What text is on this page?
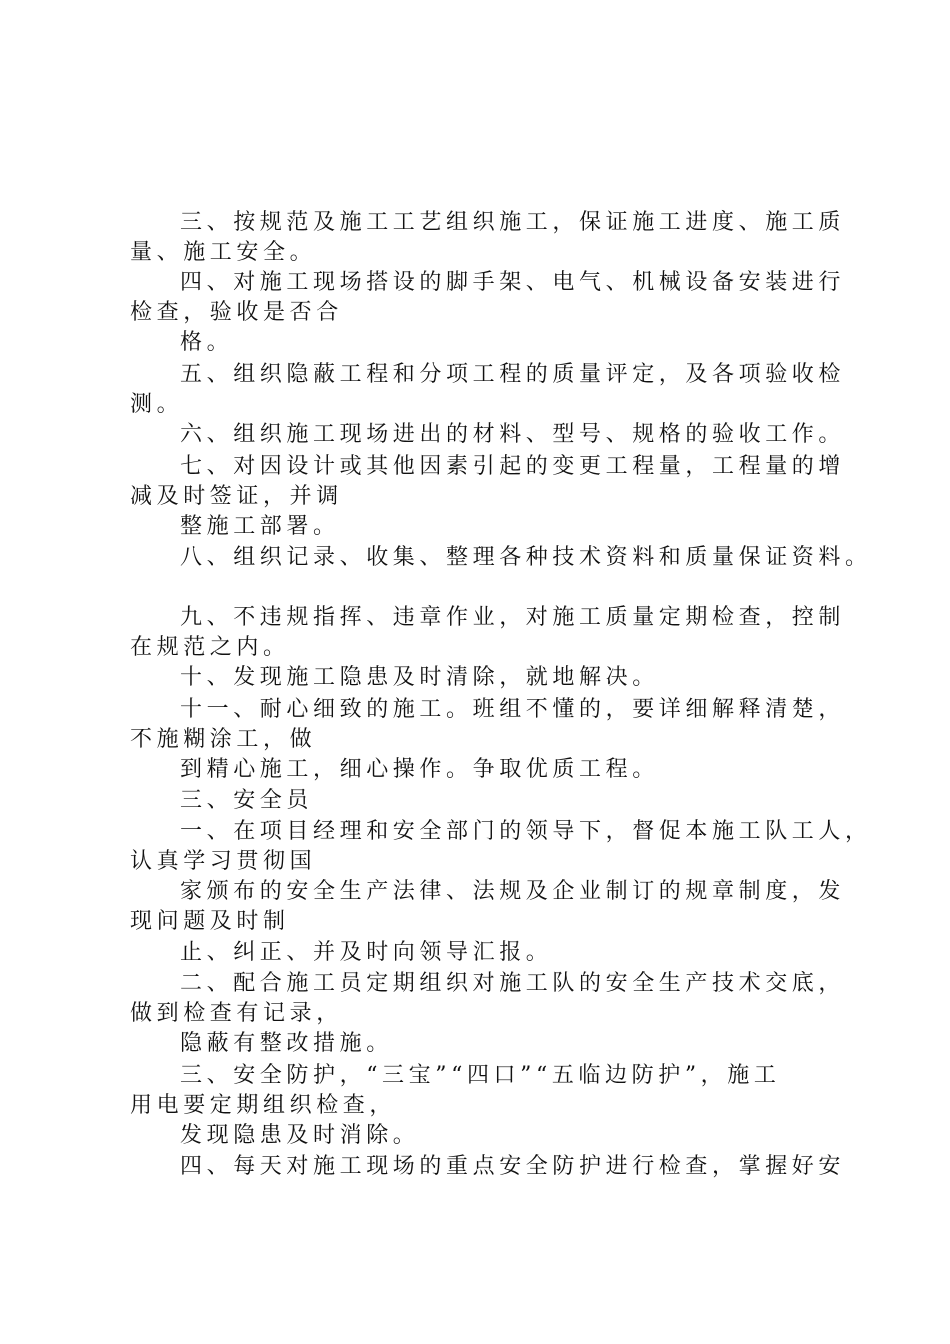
三、按规范及施工工艺组织施工，保证施工进度、施工质

量、施工安全。

四、对施工现场搭设的脚手架、电气、机械设备安装进行

检查，验收是否合

格。

五、组织隐蔽工程和分项工程的质量评定，及各项验收检

测。

六、组织施工现场进出的材料、型号、规格的验收工作。

七、对因设计或其他因素引起的变更工程量，工程量的增

减及时签证，并调

整施工部署。

八、组织记录、收集、整理各种技术资料和质量保证资料。

九、不违规指挥、违章作业，对施工质量定期检查，控制

在规范之内。

十、发现施工隐患及时清除，就地解决。

十一、耐心细致的施工。班组不懂的，要详细解释清楚，

不施糊涂工，做

到精心施工，细心操作。争取优质工程。

三、安全员

一、在项目经理和安全部门的领导下，督促本施工队工人，

认真学习贯彻国

家颁布的安全生产法律、法规及企业制订的规章制度，发

现问题及时制

止、纠正、并及时向领导汇报。

二、配合施工员定期组织对施工队的安全生产技术交底，

做到检查有记录，

隐蔽有整改措施。

三、安全防护，“三宝”“四口”“五临边防护”，施工

用电要定期组织检查，

发现隐患及时消除。

四、每天对施工现场的重点安全防护进行检查，掌握好安
